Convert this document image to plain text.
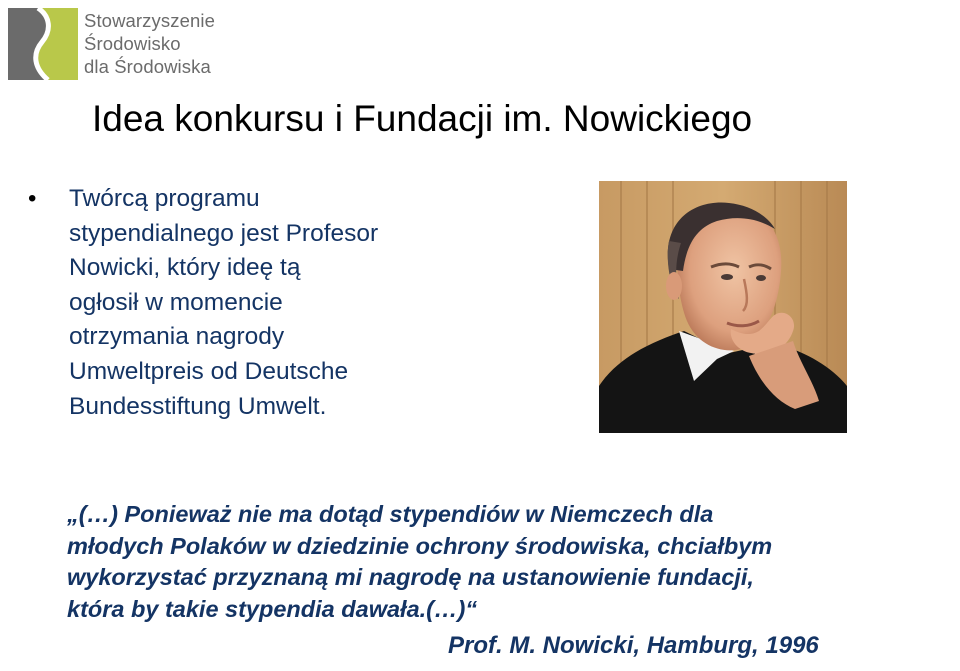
Stowarzyszenie
Środowisko
dla Środowiska
Idea konkursu i Fundacji im. Nowickiego
• Twórcą programu
stypendialnego jest Profesor
Nowicki, który ideę tą
ogłosił w momencie
otrzymania nagrody
Umweltpreis od Deutsche
Bundesstiftung Umwelt.
„(…) Ponieważ nie ma dotąd stypendiów w Niemczech dla
młodych Polaków w dziedzinie ochrony środowiska, chciałbym
wykorzystać przyznaną mi nagrodę na ustanowienie fundacji,
która by takie stypendia dawała.(…)“
Prof. M. Nowicki, Hamburg, 1996
